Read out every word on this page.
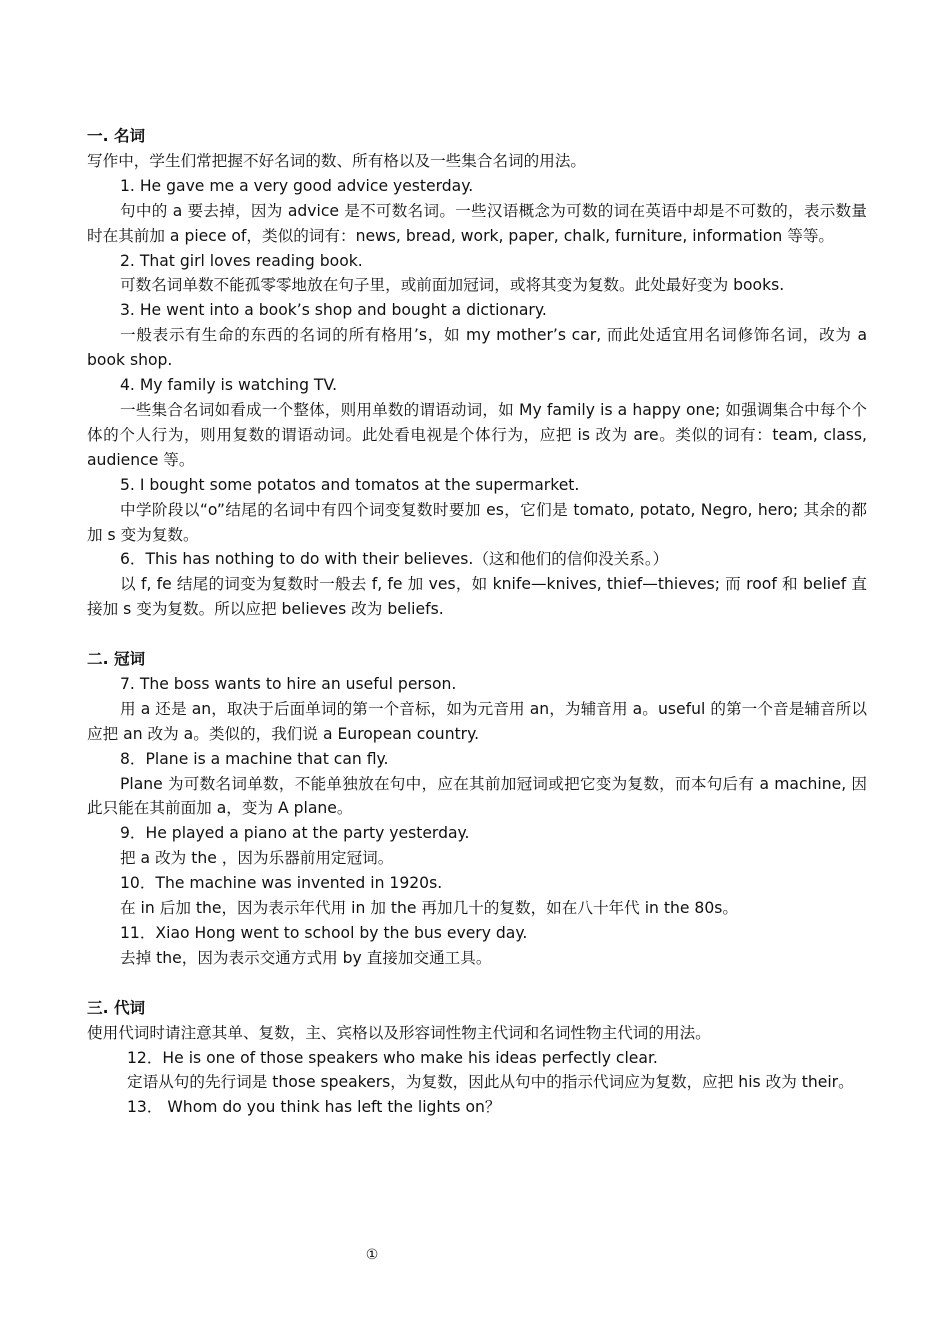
一. 名词

写作中，学生们常把握不好名词的数、所有格以及一些集合名词的用法。

1. He gave me a very good advice yesterday.

句中的 a 要去掉，因为 advice 是不可数名词。一些汉语概念为可数的词在英语中却是不可数的，表示数量时在其前加 a piece of，类似的词有：news, bread, work, paper, chalk, furniture, information 等等。

2. That girl loves reading book.

可数名词单数不能孤零零地放在句子里，或前面加冠词，或将其变为复数。此处最好变为 books.

3. He went into a book’s shop and bought a dictionary.

一般表示有生命的东西的名词的所有格用’s，如 my mother’s car, 而此处适宜用名词修饰名词，改为 a book shop.

4. My family is watching TV.

一些集合名词如看成一个整体，则用单数的谓语动词，如 My family is a happy one; 如强调集合中每个个体的个人行为，则用复数的谓语动词。此处看电视是个体行为，应把 is 改为 are。类似的词有：team, class, audience 等。

5. I bought some potatos and tomatos at the supermarket.

中学阶段以“o”结尾的名词中有四个词变复数时要加 es，它们是 tomato, potato, Negro, hero; 其余的都加 s 变为复数。

6．This has nothing to do with their believes.（这和他们的信仰没关系。）

以 f, fe 结尾的词变为复数时一般去 f, fe 加 ves，如 knife—knives, thief—thieves; 而 roof 和 belief 直接加 s 变为复数。所以应把 believes 改为 beliefs.

二. 冠词

7. The boss wants to hire an useful person.

用 a 还是 an，取决于后面单词的第一个音标，如为元音用 an，为辅音用 a。useful 的第一个音是辅音所以应把 an 改为 a。类似的，我们说 a European country.

8．Plane is a machine that can fly.

Plane 为可数名词单数，不能单独放在句中，应在其前加冠词或把它变为复数，而本句后有 a machine, 因此只能在其前面加 a，变为 A plane。

9．He played a piano at the party yesterday.

把 a 改为 the ，因为乐器前用定冠词。

10．The machine was invented in 1920s.

在 in 后加 the，因为表示年代用 in 加 the 再加几十的复数，如在八十年代 in the 80s。

11．Xiao Hong went to school by the bus every day.

去掉 the，因为表示交通方式用 by 直接加交通工具。

三. 代词

使用代词时请注意其单、复数，主、宾格以及形容词性物主代词和名词性物主代词的用法。

12．He is one of those speakers who make his ideas perfectly clear.

定语从句的先行词是 those speakers，为复数，因此从句中的指示代词应为复数，应把 his 改为 their。

13． Whom do you think has left the lights on？

①
